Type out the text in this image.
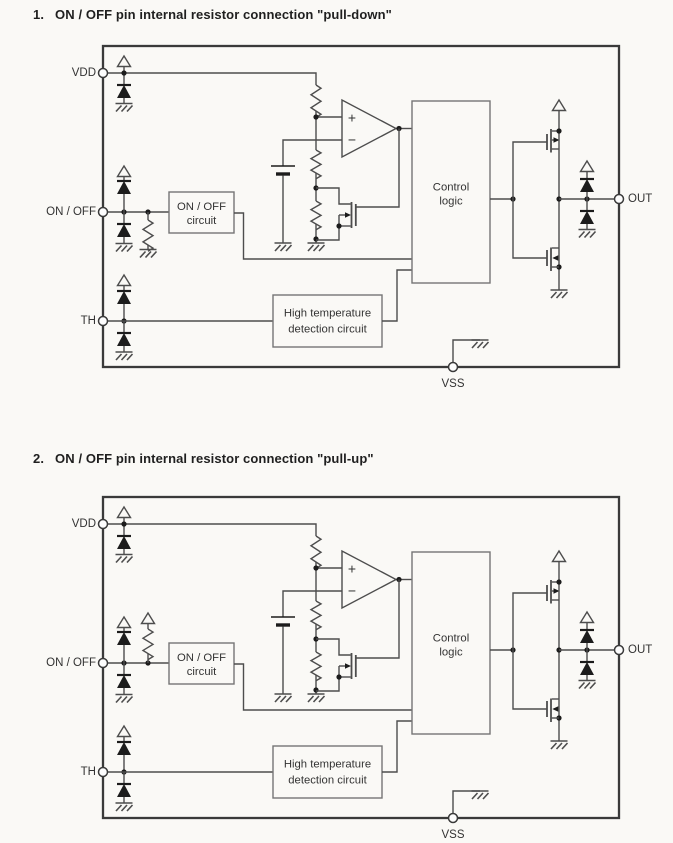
1. ON / OFF pin internal resistor connection "pull-down"
2. ON / OFF pin internal resistor connection "pull-up"
+
−
ON / OFF
circuit
High temperature
detection circuit
Control
logic
VDD
ON / OFF
TH
OUT
VSS
+
−
ON / OFF
circuit
High temperature
detection circuit
Control
logic
VDD
ON / OFF
TH
OUT
VSS
